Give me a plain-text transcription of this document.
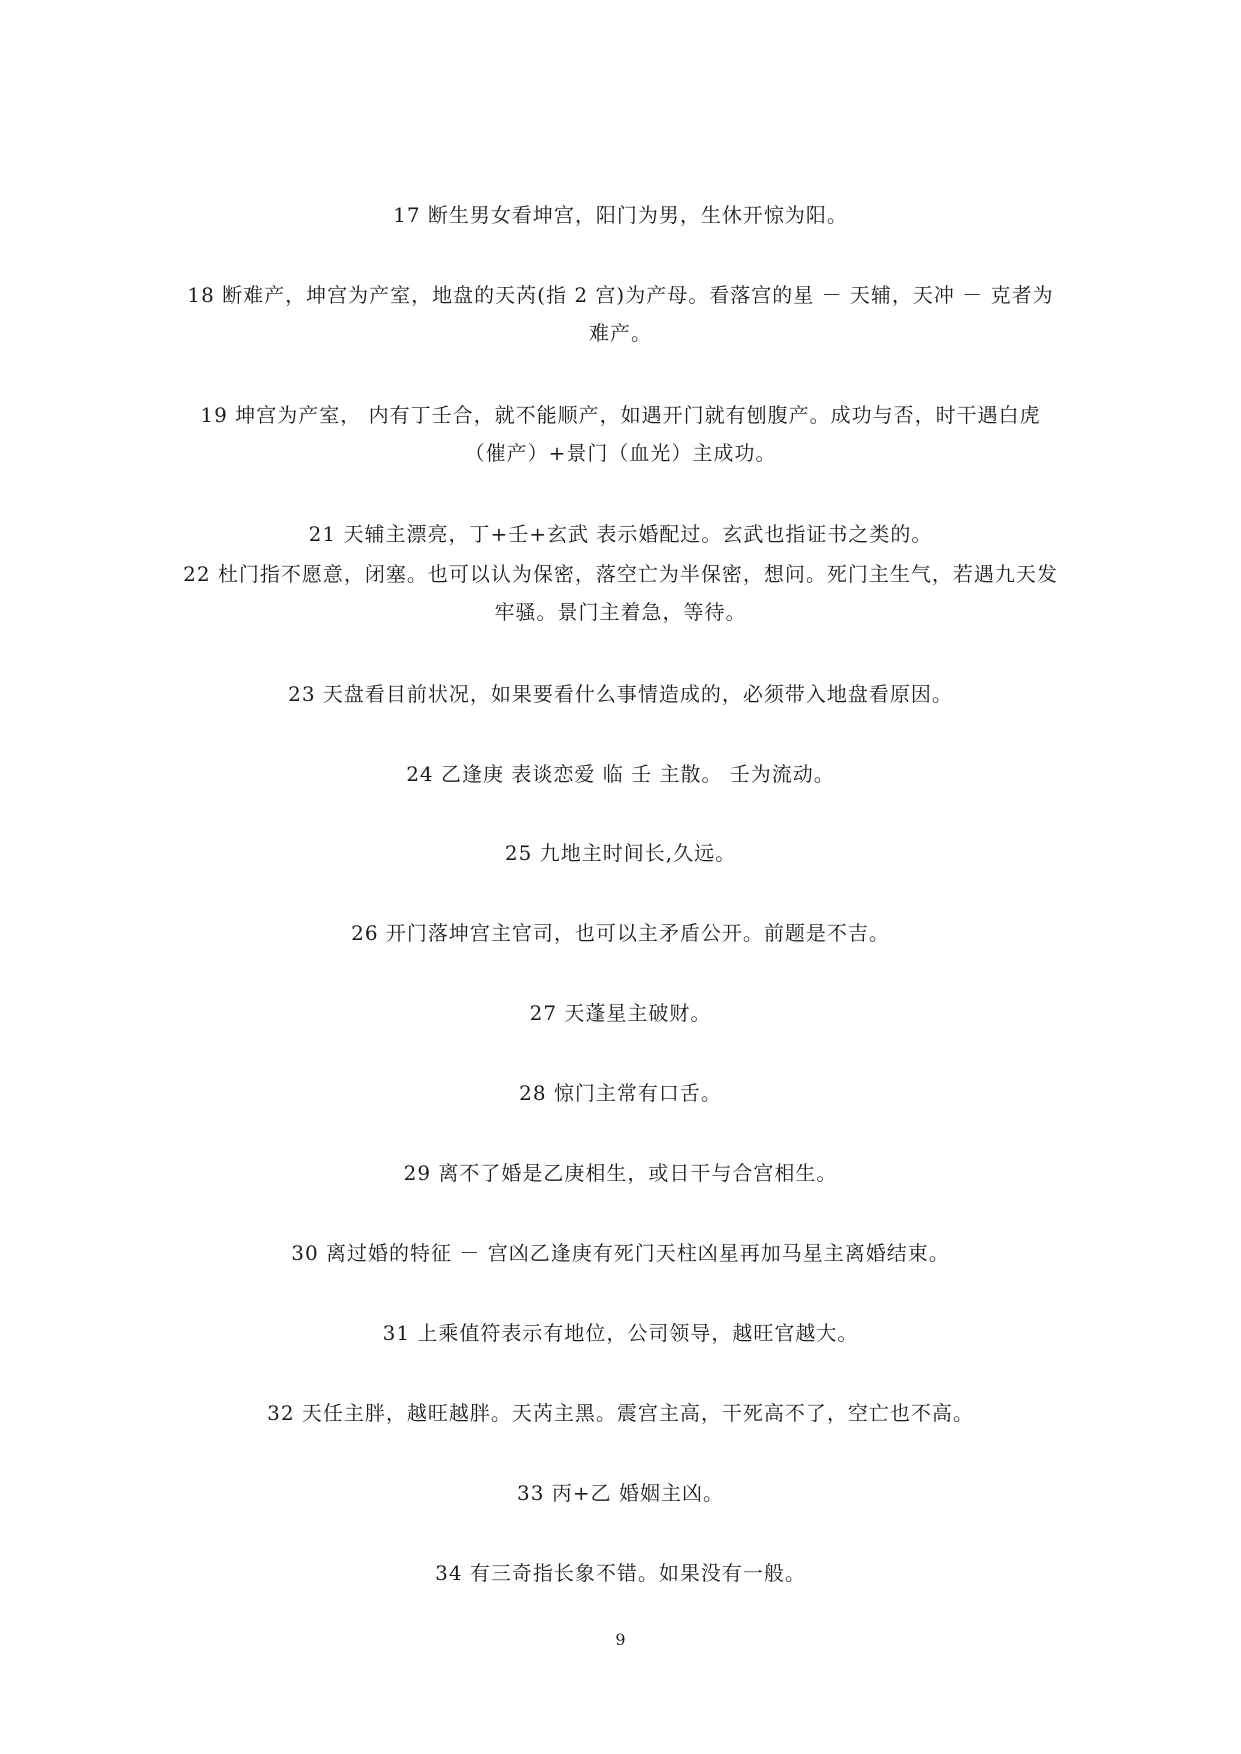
17 断生男女看坤宫，阳门为男，生休开惊为阳。
18 断难产，坤宫为产室，地盘的天芮(指 2 宫)为产母。看落宫的星 － 天辅，天冲 － 克者为难产。
19 坤宫为产室， 内有丁壬合，就不能顺产，如遇开门就有刨腹产。成功与否，时干遇白虎（催产）+景门（血光）主成功。
21 天辅主漂亮，丁+壬+玄武 表示婚配过。玄武也指证书之类的。
22 杜门指不愿意，闭塞。也可以认为保密，落空亡为半保密，想问。死门主生气，若遇九天发牢骚。景门主着急，等待。
23 天盘看目前状况，如果要看什么事情造成的，必须带入地盘看原因。
24 乙逢庚 表谈恋爱 临 壬 主散。 壬为流动。
25 九地主时间长,久远。
26 开门落坤宫主官司，也可以主矛盾公开。前题是不吉。
27 天蓬星主破财。
28 惊门主常有口舌。
29 离不了婚是乙庚相生，或日干与合宫相生。
30 离过婚的特征 － 宫凶乙逢庚有死门天柱凶星再加马星主离婚结束。
31 上乘值符表示有地位，公司领导，越旺官越大。
32 天任主胖，越旺越胖。天芮主黑。震宫主高，干死高不了，空亡也不高。
33 丙+乙 婚姻主凶。
34 有三奇指长象不错。如果没有一般。
9
